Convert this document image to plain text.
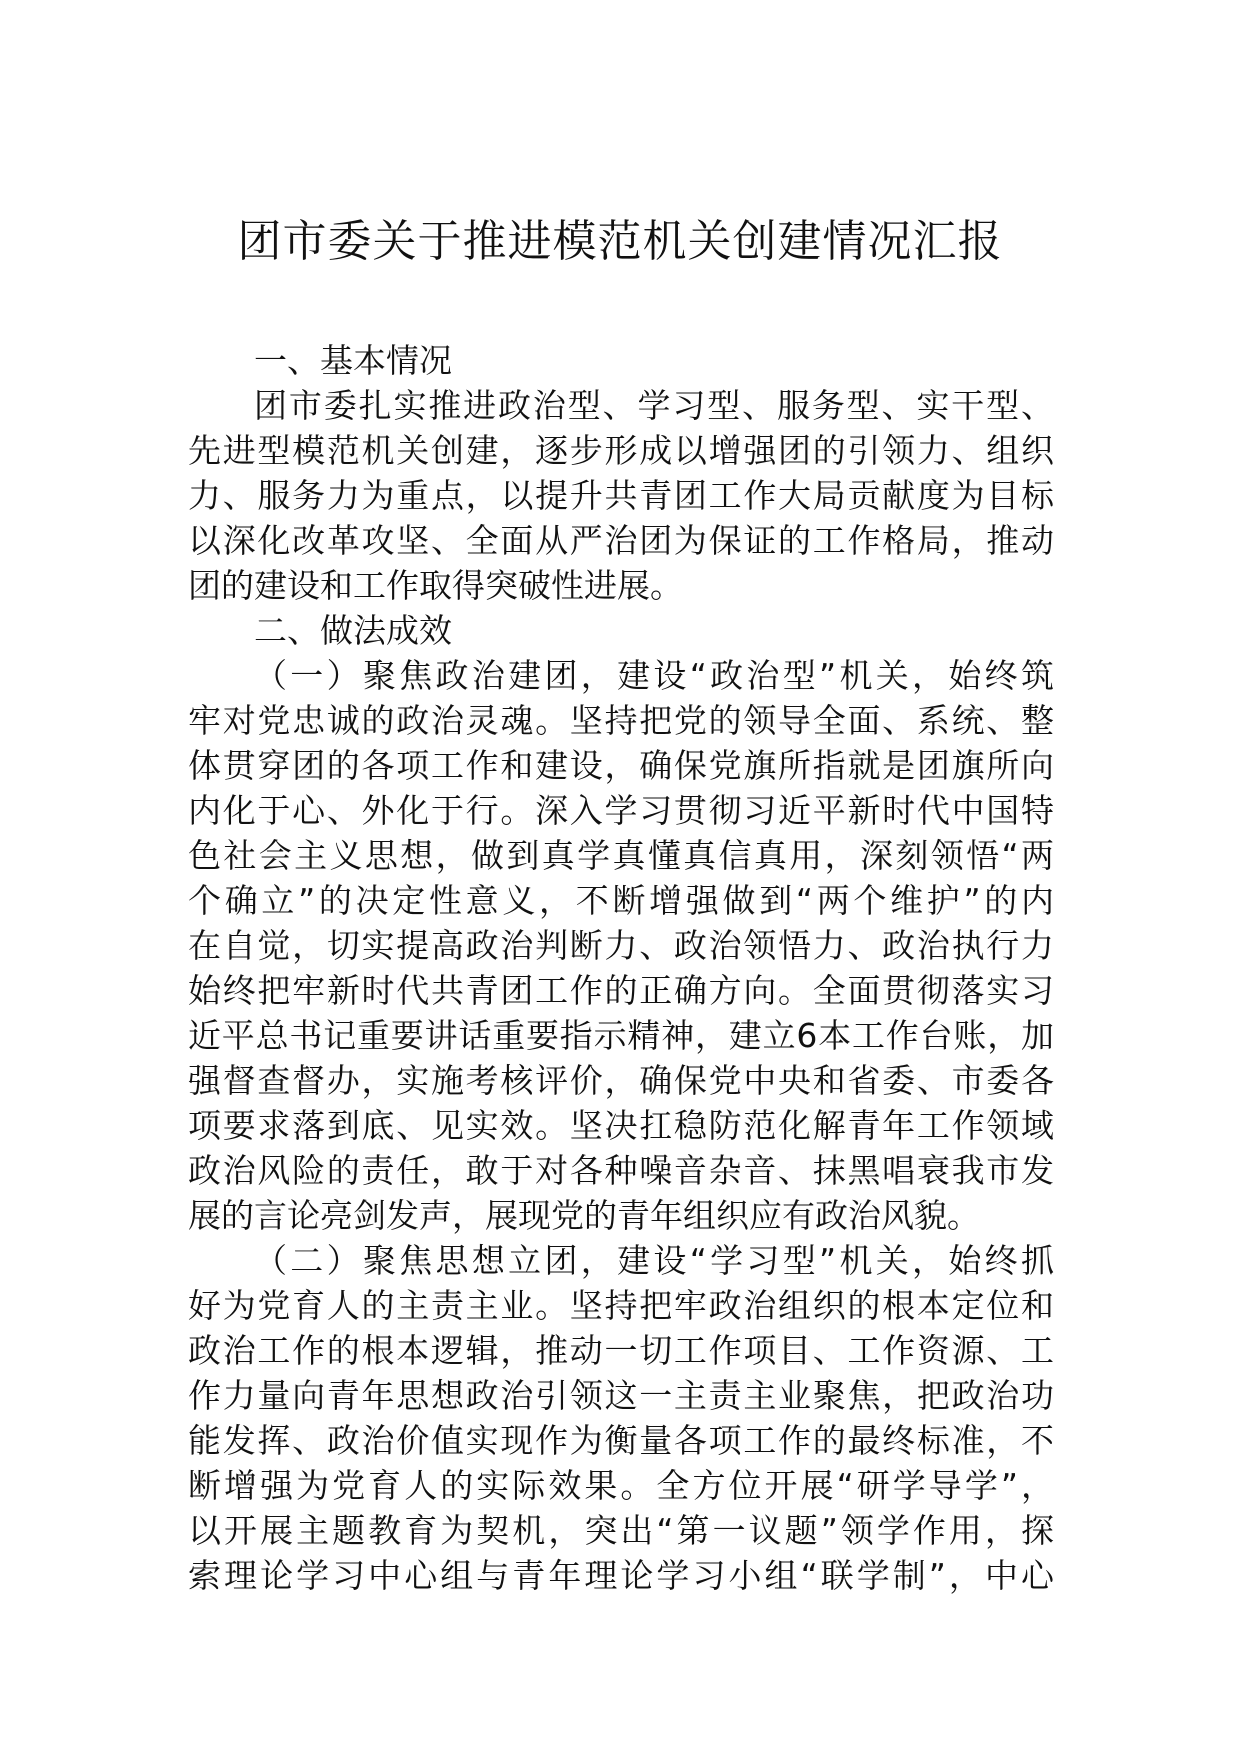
团市委关于推进模范机关创建情况汇报
一、基本情况
团市委扎实推进政治型、学习型、服务型、实干型、
先进型模范机关创建，逐步形成以增强团的引领力、组织
力、服务力为重点，以提升共青团工作大局贡献度为目标
以深化改革攻坚、全面从严治团为保证的工作格局，推动
团的建设和工作取得突破性进展。
二、做法成效
（一）聚焦政治建团，建设“政治型”机关，始终筑
牢对党忠诚的政治灵魂。坚持把党的领导全面、系统、整
体贯穿团的各项工作和建设，确保党旗所指就是团旗所向
内化于心、外化于行。深入学习贯彻习近平新时代中国特
色社会主义思想，做到真学真懂真信真用，深刻领悟“两
个确立”的决定性意义，不断增强做到“两个维护”的内
在自觉，切实提高政治判断力、政治领悟力、政治执行力
始终把牢新时代共青团工作的正确方向。全面贯彻落实习
近平总书记重要讲话重要指示精神，建立6本工作台账，加
强督查督办，实施考核评价，确保党中央和省委、市委各
项要求落到底、见实效。坚决扛稳防范化解青年工作领域
政治风险的责任，敢于对各种噪音杂音、抹黑唱衰我市发
展的言论亮剑发声，展现党的青年组织应有政治风貌。
（二）聚焦思想立团，建设“学习型”机关，始终抓
好为党育人的主责主业。坚持把牢政治组织的根本定位和
政治工作的根本逻辑，推动一切工作项目、工作资源、工
作力量向青年思想政治引领这一主责主业聚焦，把政治功
能发挥、政治价值实现作为衡量各项工作的最终标准，不
断增强为党育人的实际效果。全方位开展“研学导学”，
以开展主题教育为契机，突出“第一议题”领学作用，探
索理论学习中心组与青年理论学习小组“联学制”，中心
